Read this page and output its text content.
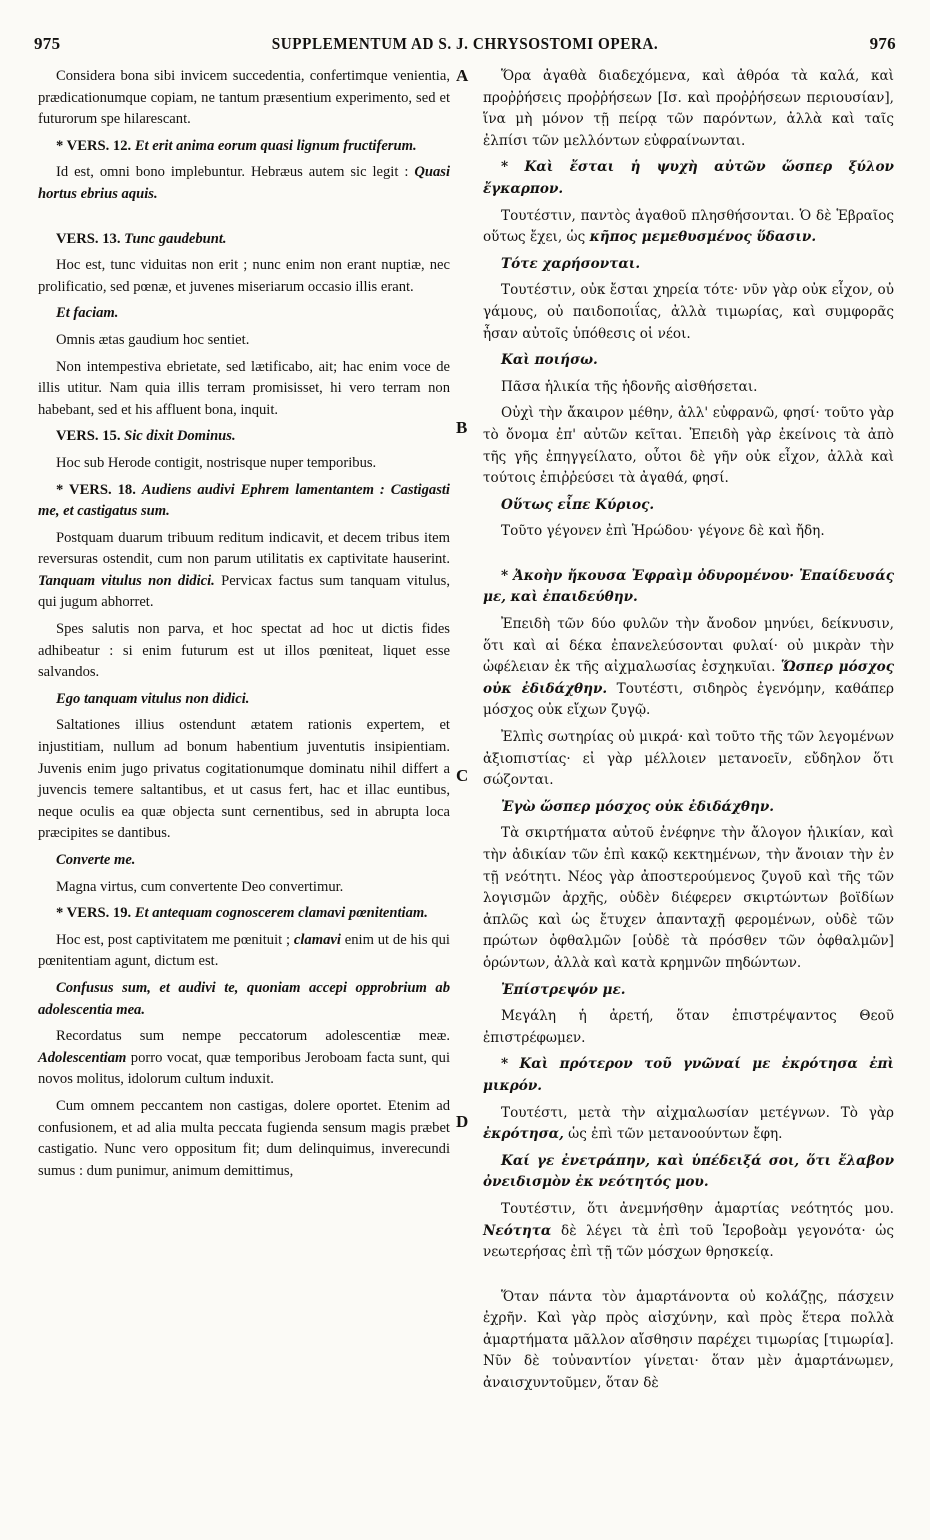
975	SUPPLEMENTUM AD S. J. CHRYSOSTOMI OPERA.	976
A
B
C
D

Considera bona sibi invicem succedentia, confertimque venientia, prædicationumque copiam, ne tantum præsentium experimento, sed et futurorum spe hilarescant.

* VERS. 12. Et erit anima eorum quasi lignum fructiferum.

Id est, omni bono implebuntur. Hebræus autem sic legit : Quasi hortus ebrius aquis.

VERS. 13. Tunc gaudebunt.

Hoc est, tunc viduitas non erit ; nunc enim non erant nuptiæ, nec prolificatio, sed pœnæ, et juvenes miseriarum occasio illis erant.

Et faciam.

Omnis ætas gaudium hoc sentiet.

Non intempestiva ebrietate, sed lætificabo, ait; hac enim voce de illis utitur. Nam quia illis terram promisisset, hi vero terram non habebant, sed et his affluent bona, inquit.

VERS. 15. Sic dixit Dominus.

Hoc sub Herode contigit, nostrisque nuper temporibus.

* VERS. 18. Audiens audivi Ephrem lamentantem : Castigasti me, et castigatus sum.

Postquam duarum tribuum reditum indicavit, et decem tribus item reversuras ostendit, cum non parum utilitatis ex captivitate hauserint. Tanquam vitulus non didici. Pervicax factus sum tanquam vitulus, qui jugum abhorret.

Spes salutis non parva, et hoc spectat ad hoc ut dictis fides adhibeatur : si enim futurum est ut illos pœniteat, liquet esse salvandos.

Ego tanquam vitulus non didici.

Saltationes illius ostendunt ætatem rationis expertem, et injustitiam, nullum ad bonum habentium juventutis insipientiam. Juvenis enim jugo privatus cogitationumque dominatu nihil differt a juvencis temere saltantibus, et ut casus fert, hac et illac euntibus, neque oculis ea quæ objecta sunt cernentibus, sed in abrupta loca præcipites se dantibus.

Converte me.

Magna virtus, cum convertente Deo convertimur.

* VERS. 19. Et antequam cognoscerem clamavi pœnitentiam.

Hoc est, post captivitatem me pœnituit ; clamavi enim ut de his qui pœnitentiam agunt, dictum est.

Confusus sum, et audivi te, quoniam accepi opprobrium ab adolescentia mea.

Recordatus sum nempe peccatorum adolescentiæ meæ. Adolescentiam porro vocat, quæ temporibus Jeroboam facta sunt, qui novos molitus, idolorum cultum induxit.

Cum omnem peccantem non castigas, dolere oportet. Etenim ad confusionem, et ad alia multa peccata fugienda sensum magis præbet castigatio. Nunc vero oppositum fit; dum delinquimus, inverecundi sumus : dum punimur, animum demittimus,

Ὅρα ἀγαθὰ διαδεχόμενα, καὶ ἀθρόα τὰ καλά, καὶ προῤῥήσεις προῤῥήσεων [Ισ. καὶ προῤῥήσεων περιουσίαν], ἵνα μὴ μόνον τῇ πείρᾳ τῶν παρόντων, ἀλλὰ καὶ ταῖς ἐλπίσι τῶν μελλόντων εὐφραίνωνται.

* Καὶ ἔσται ἡ ψυχὴ αὐτῶν ὥσπερ ξύλον ἔγκαρπον.

Τουτέστιν, παντὸς ἀγαθοῦ πλησθήσονται. Ὁ δὲ Ἑβραῖος οὕτως ἔχει, ὡς κῆπος μεμεθυσμένος ὕδασιν.

Τότε χαρήσονται.

Τουτέστιν, οὐκ ἔσται χηρεία τότε· νῦν γὰρ οὐκ εἶχον, οὐ γάμους, οὐ παιδοποιΐας, ἀλλὰ τιμωρίας, καὶ συμφορᾶς ἦσαν αὐτοῖς ὑπόθεσις οἱ νέοι.

Καὶ ποιήσω.

Πᾶσα ἡλικία τῆς ἡδονῆς αἰσθήσεται.

Οὐχὶ τὴν ἄκαιρον μέθην, ἀλλ' εὐφρανῶ, φησί· τοῦτο γὰρ τὸ ὄνομα ἐπ' αὐτῶν κεῖται. Ἐπειδὴ γὰρ ἐκείνοις τὰ ἀπὸ τῆς γῆς ἐπηγγείλατο, οὗτοι δὲ γῆν οὐκ εἶχον, ἀλλὰ καὶ τούτοις ἐπιῤῥεύσει τὰ ἀγαθά, φησί.

Οὕτως εἶπε Κύριος.

Τοῦτο γέγονεν ἐπὶ Ἡρώδου· γέγονε δὲ καὶ ἤδη.

* Ἀκοὴν ἤκουσα Ἐφραὶμ ὀδυρομένου· Ἐπαίδευσάς με, καὶ ἐπαιδεύθην.

Ἐπειδὴ τῶν δύο φυλῶν τὴν ἄνοδον μηνύει, δείκνυσιν, ὅτι καὶ αἱ δέκα ἐπανελεύσονται φυλαί· οὐ μικρὰν τὴν ὠφέλειαν ἐκ τῆς αἰχμαλωσίας ἐσχηκυῖαι. Ὥσπερ μόσχος οὐκ ἐδιδάχθην. Τουτέστι, σιδηρὸς ἐγενόμην, καθάπερ μόσχος οὐκ εἴχων ζυγῷ.

Ἐλπὶς σωτηρίας οὐ μικρά· καὶ τοῦτο τῆς τῶν λεγομένων ἀξιοπιστίας· εἰ γὰρ μέλλοιεν μετανοεῖν, εὔδηλον ὅτι σώζονται.

Ἐγὼ ὥσπερ μόσχος οὐκ ἐδιδάχθην.

Τὰ σκιρτήματα αὐτοῦ ἐνέφηνε τὴν ἄλογον ἡλικίαν, καὶ τὴν ἀδικίαν τῶν ἐπὶ κακῷ κεκτημένων, τὴν ἄνοιαν τὴν ἐν τῇ νεότητι. Νέος γὰρ ἀποστερούμενος ζυγοῦ καὶ τῆς τῶν λογισμῶν ἀρχῆς, οὐδὲν διέφερεν σκιρτώντων βοϊδίων ἁπλῶς καὶ ὡς ἔτυχεν ἀπανταχῇ φερομένων, οὐδὲ τῶν πρώτων ὀφθαλμῶν [οὐδὲ τὰ πρόσθεν τῶν ὀφθαλμῶν] ὁρώντων, ἀλλὰ καὶ κατὰ κρημνῶν πηδώντων.

Ἐπίστρεψόν με.

Μεγάλη ἡ ἀρετή, ὅταν ἐπιστρέψαντος Θεοῦ ἐπιστρέφωμεν.

* Καὶ πρότερον τοῦ γνῶναί με ἐκρότησα ἐπὶ μικρόν.

Τουτέστι, μετὰ τὴν αἰχμαλωσίαν μετέγνων. Τὸ γὰρ ἐκρότησα, ὡς ἐπὶ τῶν μετανοούντων ἔφη.

Καί γε ἐνετράπην, καὶ ὑπέδειξά σοι, ὅτι ἔλαβον ὀνειδισμὸν ἐκ νεότητός μου.

Τουτέστιν, ὅτι ἀνεμνήσθην ἁμαρτίας νεότητός μου. Νεότητα δὲ λέγει τὰ ἐπὶ τοῦ Ἱεροβοὰμ γεγονότα· ὡς νεωτερήσας ἐπὶ τῇ τῶν μόσχων θρησκείᾳ.

Ὅταν πάντα τὸν ἁμαρτάνοντα οὐ κολάζῃς, πάσχειν ἐχρῆν. Καὶ γὰρ πρὸς αἰσχύνην, καὶ πρὸς ἕτερα πολλὰ ἁμαρτήματα μᾶλλον αἴσθησιν παρέχει τιμωρίας [τιμωρία]. Νῦν δὲ τοὐναντίον γίνεται· ὅταν μὲν ἁμαρτάνωμεν, ἀναισχυντοῦμεν, ὅταν δὲ
